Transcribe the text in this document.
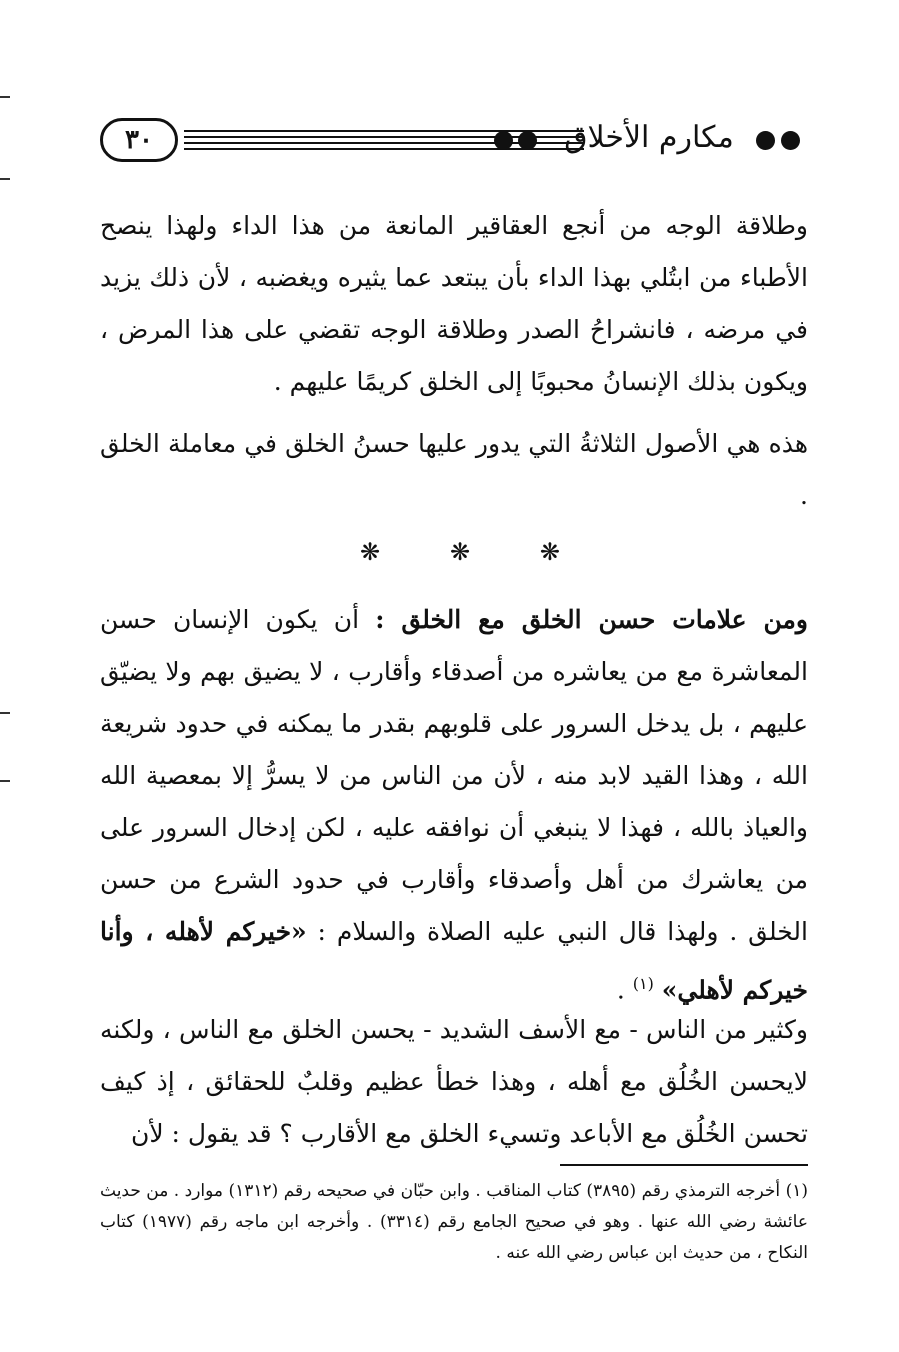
٣٠	مكارم الأخلاق

وطلاقة الوجه من أنجع العقاقير المانعة من هذا الداء ولهذا ينصح الأطباء من ابتُلي بهذا الداء بأن يبتعد عما يثيره ويغضبه ، لأن ذلك يزيد في مرضه ، فانشراحُ الصدر وطلاقة الوجه تقضي على هذا المرض ، ويكون بذلك الإنسانُ محبوبًا إلى الخلق كريمًا عليهم .

هذه هي الأصول الثلاثةُ التي يدور عليها حسنُ الخلق في معاملة الخلق .

❋	❋	❋

ومن علامات حسن الخلق مع الخلق : أن يكون الإنسان حسن المعاشرة مع من يعاشره من أصدقاء وأقارب ، لا يضيق بهم ولا يضيّق عليهم ، بل يدخل السرور على قلوبهم بقدر ما يمكنه في حدود شريعة الله ، وهذا القيد لابد منه ، لأن من الناس من لا يسرُّ إلا بمعصية الله والعياذ بالله ، فهذا لا ينبغي أن نوافقه عليه ، لكن إدخال السرور على من يعاشرك من أهل وأصدقاء وأقارب في حدود الشرع من حسن الخلق . ولهذا قال النبي عليه الصلاة والسلام : «خيركم لأهله ، وأنا خيركم لأهلي» $^{(١)}$ .

وكثير من الناس - مع الأسف الشديد - يحسن الخلق مع الناس ، ولكنه لايحسن الخُلُق مع أهله ، وهذا خطأ عظيم وقلبٌ للحقائق ، إذ كيف تحسن الخُلُق مع الأباعد وتسيء الخلق مع الأقارب ؟ قد يقول : لأن

(١) أخرجه الترمذي رقم (٣٨٩٥) كتاب المناقب . وابن حبّان في صحيحه رقم (١٣١٢) موارد . من حديث عائشة رضي الله عنها . وهو في صحيح الجامع رقم (٣٣١٤) . وأخرجه ابن ماجه رقم (١٩٧٧) كتاب النكاح ، من حديث ابن عباس رضي الله عنه .
